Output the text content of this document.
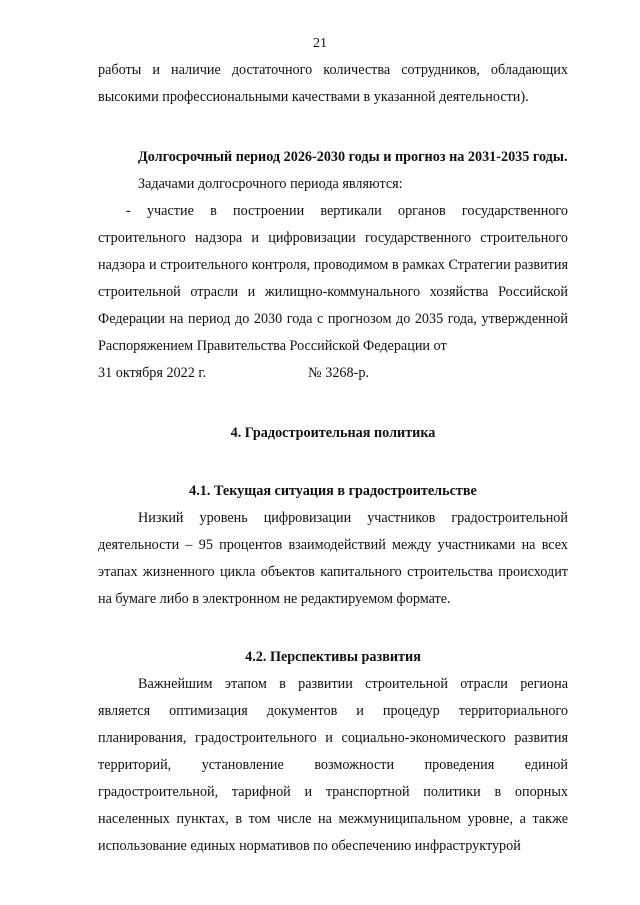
21

работы и наличие достаточного количества сотрудников, обладающих высокими профессиональными качествами в указанной деятельности).

Долгосрочный период 2026-2030 годы и прогноз на 2031-2035 годы.

Задачами долгосрочного периода являются:

- участие в построении вертикали органов государственного строительного надзора и цифровизации государственного строительного надзора и строительного контроля, проводимом в рамках Стратегии развития строительной отрасли и жилищно-коммунального хозяйства Российской Федерации на период до 2030 года с прогнозом до 2035 года, утвержденной Распоряжением Правительства Российской Федерации от

31 октября 2022 г.	№ 3268-р.

4. Градостроительная политика

4.1. Текущая ситуация в градостроительстве

Низкий уровень цифровизации участников градостроительной деятельности – 95 процентов взаимодействий между участниками на всех этапах жизненного цикла объектов капитального строительства происходит на бумаге либо в электронном не редактируемом формате.

4.2. Перспективы развития

Важнейшим этапом в развитии строительной отрасли региона является оптимизация документов и процедур территориального планирования, градостроительного и социально-экономического развития территорий, установление возможности проведения единой градостроительной, тарифной и транспортной политики в опорных населенных пунктах, в том числе на межмуниципальном уровне, а также использование единых нормативов по обеспечению инфраструктурой
